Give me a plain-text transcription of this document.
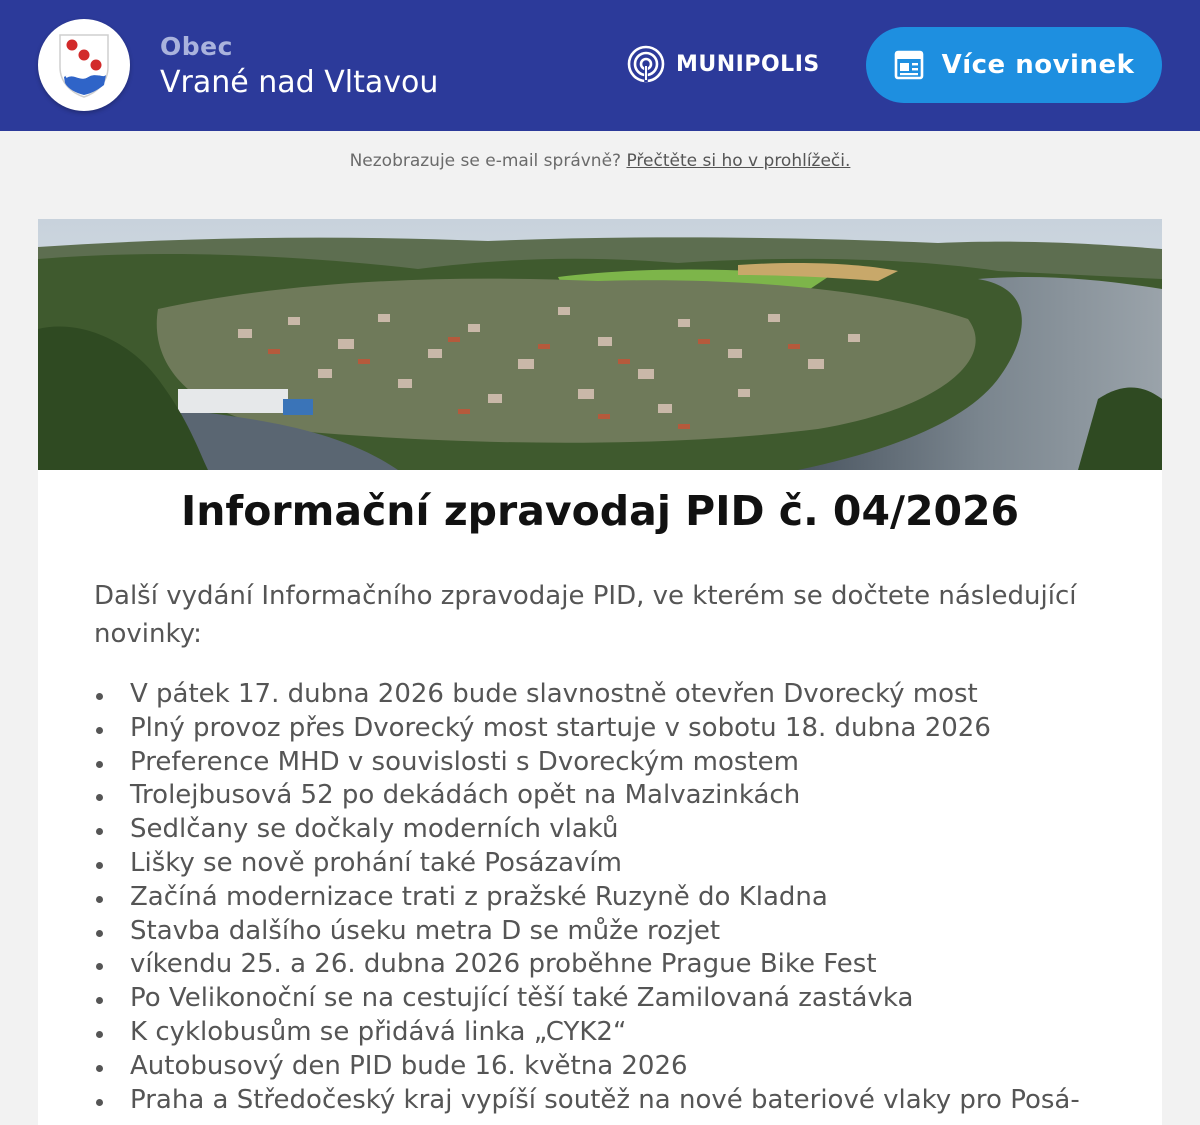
Obec
Vrané nad Vltavou
MUNIPOLIS	Více novinek
Nezobrazuje se e-mail správně? Přečtěte si ho v prohlížeči.
Informační zpravodaj PID č. 04/2026

Další vydání Informačního zpravodaje PID, ve kterém se dočtete následující novinky:

V pátek 17. dubna 2026 bude slavnostně otevřen Dvorecký most
Plný provoz přes Dvorecký most startuje v sobotu 18. dubna 2026
Preference MHD v souvislosti s Dvoreckým mostem
Trolejbusová 52 po dekádách opět na Malvazinkách
Sedlčany se dočkaly moderních vlaků
Lišky se nově prohání také Posázavím
Začíná modernizace trati z pražské Ruzyně do Kladna
Stavba dalšího úseku metra D se může rozjet
víkendu 25. a 26. dubna 2026 proběhne Prague Bike Fest
Po Velikonoční se na cestující těší také Zamilovaná zastávka
K cyklobusům se přidává linka „CYK2“
Autobusový den PID bude 16. května 2026
Praha a Středočeský kraj vypíší soutěž na nové bateriové vlaky pro Posá-
